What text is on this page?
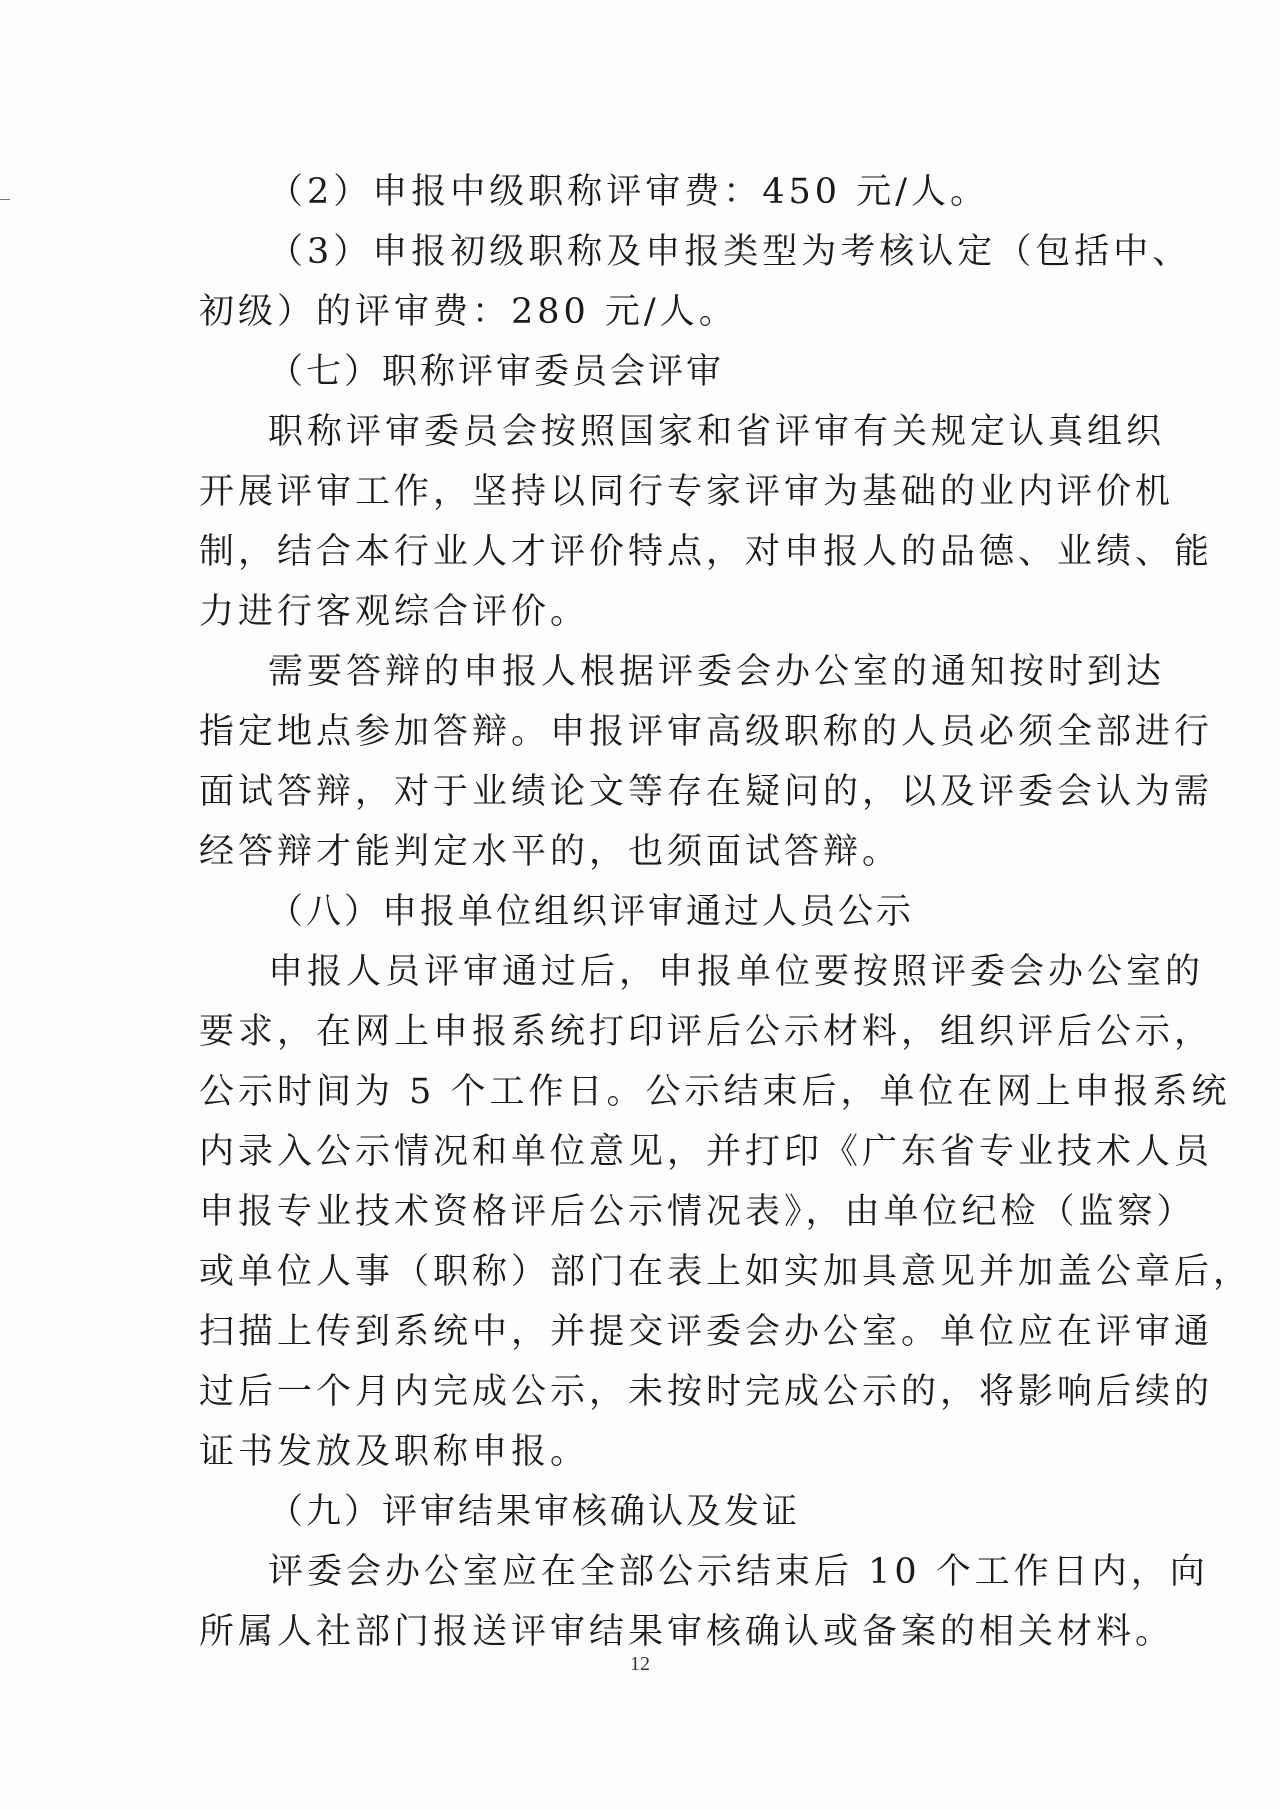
（2）申报中级职称评审费：450 元/人。
（3）申报初级职称及申报类型为考核认定（包括中、
初级）的评审费：280 元/人。
（七）职称评审委员会评审
职称评审委员会按照国家和省评审有关规定认真组织
开展评审工作，坚持以同行专家评审为基础的业内评价机
制，结合本行业人才评价特点，对申报人的品德、业绩、能
力进行客观综合评价。
需要答辩的申报人根据评委会办公室的通知按时到达
指定地点参加答辩。申报评审高级职称的人员必须全部进行
面试答辩，对于业绩论文等存在疑问的，以及评委会认为需
经答辩才能判定水平的，也须面试答辩。
（八）申报单位组织评审通过人员公示
申报人员评审通过后，申报单位要按照评委会办公室的
要求，在网上申报系统打印评后公示材料，组织评后公示，
公示时间为 5 个工作日。公示结束后，单位在网上申报系统
内录入公示情况和单位意见，并打印《广东省专业技术人员
申报专业技术资格评后公示情况表》，由单位纪检（监察）
或单位人事（职称）部门在表上如实加具意见并加盖公章后，
扫描上传到系统中，并提交评委会办公室。单位应在评审通
过后一个月内完成公示，未按时完成公示的，将影响后续的
证书发放及职称申报。
（九）评审结果审核确认及发证
评委会办公室应在全部公示结束后 10 个工作日内，向
所属人社部门报送评审结果审核确认或备案的相关材料。
12
